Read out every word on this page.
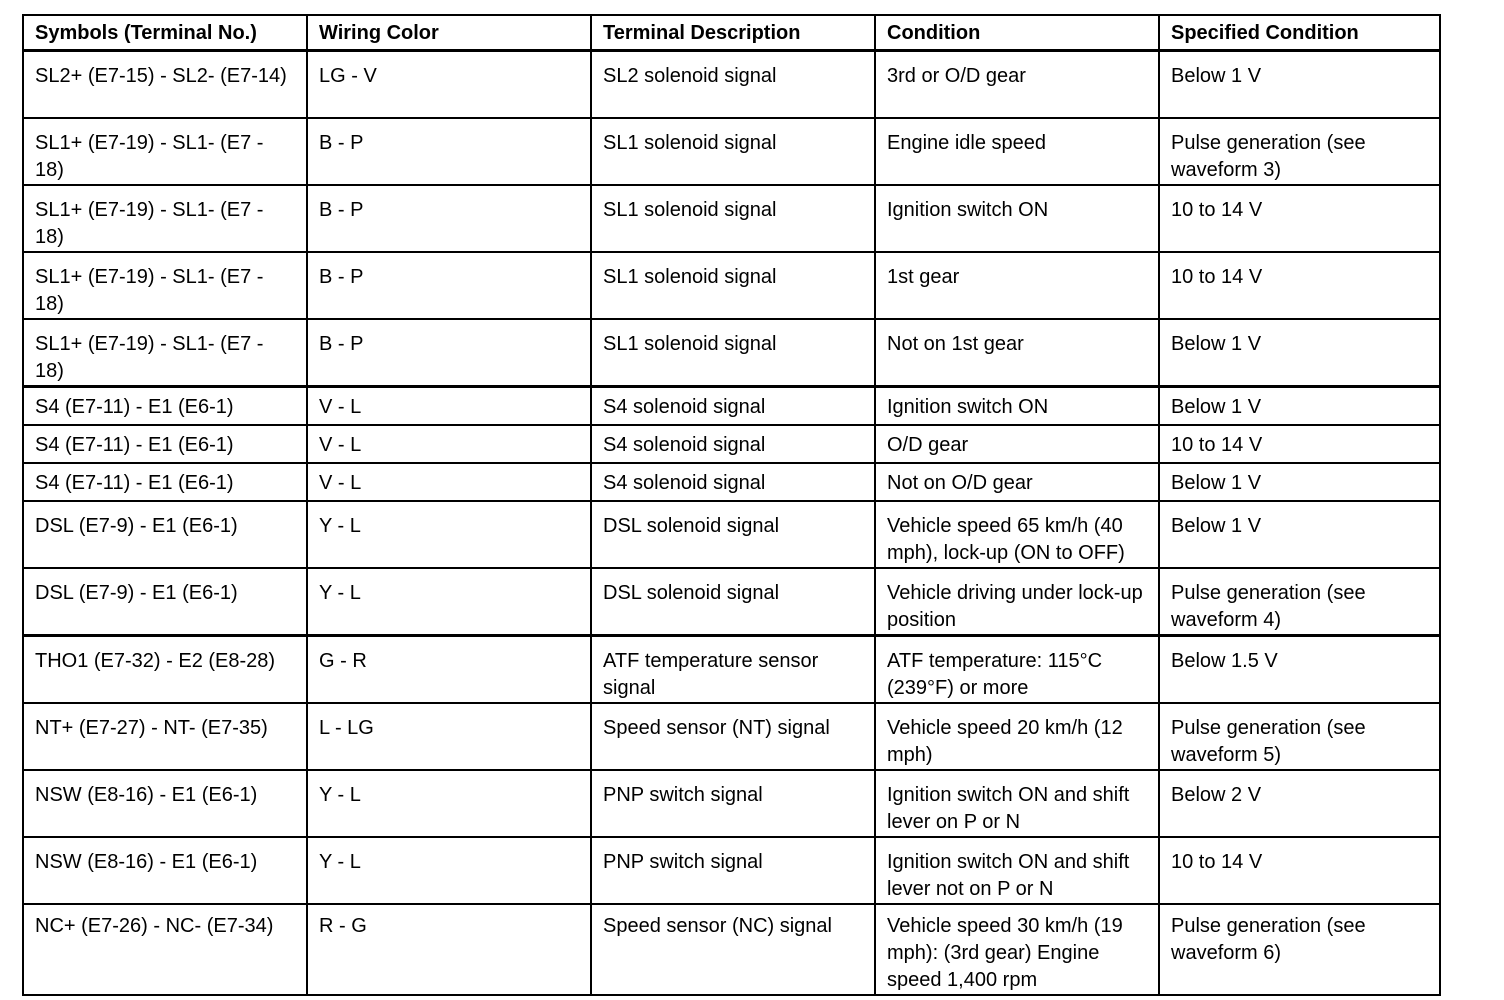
Symbols (Terminal No.)	Wiring Color	Terminal Description	Condition	Specified Condition
SL2+ (E7-15) - SL2- (E7-14)	LG - V	SL2 solenoid signal	3rd or O/D gear	Below 1 V
SL1+ (E7-19) - SL1- (E7 - 18)	B - P	SL1 solenoid signal	Engine idle speed	Pulse generation (see waveform 3)
SL1+ (E7-19) - SL1- (E7 - 18)	B - P	SL1 solenoid signal	Ignition switch ON	10 to 14 V
SL1+ (E7-19) - SL1- (E7 - 18)	B - P	SL1 solenoid signal	1st gear	10 to 14 V
SL1+ (E7-19) - SL1- (E7 - 18)	B - P	SL1 solenoid signal	Not on 1st gear	Below 1 V
S4 (E7-11) - E1 (E6-1)	V - L	S4 solenoid signal	Ignition switch ON	Below 1 V
S4 (E7-11) - E1 (E6-1)	V - L	S4 solenoid signal	O/D gear	10 to 14 V
S4 (E7-11) - E1 (E6-1)	V - L	S4 solenoid signal	Not on O/D gear	Below 1 V
DSL (E7-9) - E1 (E6-1)	Y - L	DSL solenoid signal	Vehicle speed 65 km/h (40 mph), lock-up (ON to OFF)	Below 1 V
DSL (E7-9) - E1 (E6-1)	Y - L	DSL solenoid signal	Vehicle driving under lock-up position	Pulse generation (see waveform 4)
THO1 (E7-32) - E2 (E8-28)	G - R	ATF temperature sensor signal	ATF temperature: 115°C (239°F) or more	Below 1.5 V
NT+ (E7-27) - NT- (E7-35)	L - LG	Speed sensor (NT) signal	Vehicle speed 20 km/h (12 mph)	Pulse generation (see waveform 5)
NSW (E8-16) - E1 (E6-1)	Y - L	PNP switch signal	Ignition switch ON and shift lever on P or N	Below 2 V
NSW (E8-16) - E1 (E6-1)	Y - L	PNP switch signal	Ignition switch ON and shift lever not on P or N	10 to 14 V
NC+ (E7-26) - NC- (E7-34)	R - G	Speed sensor (NC) signal	Vehicle speed 30 km/h (19 mph): (3rd gear) Engine speed 1,400 rpm	Pulse generation (see waveform 6)
